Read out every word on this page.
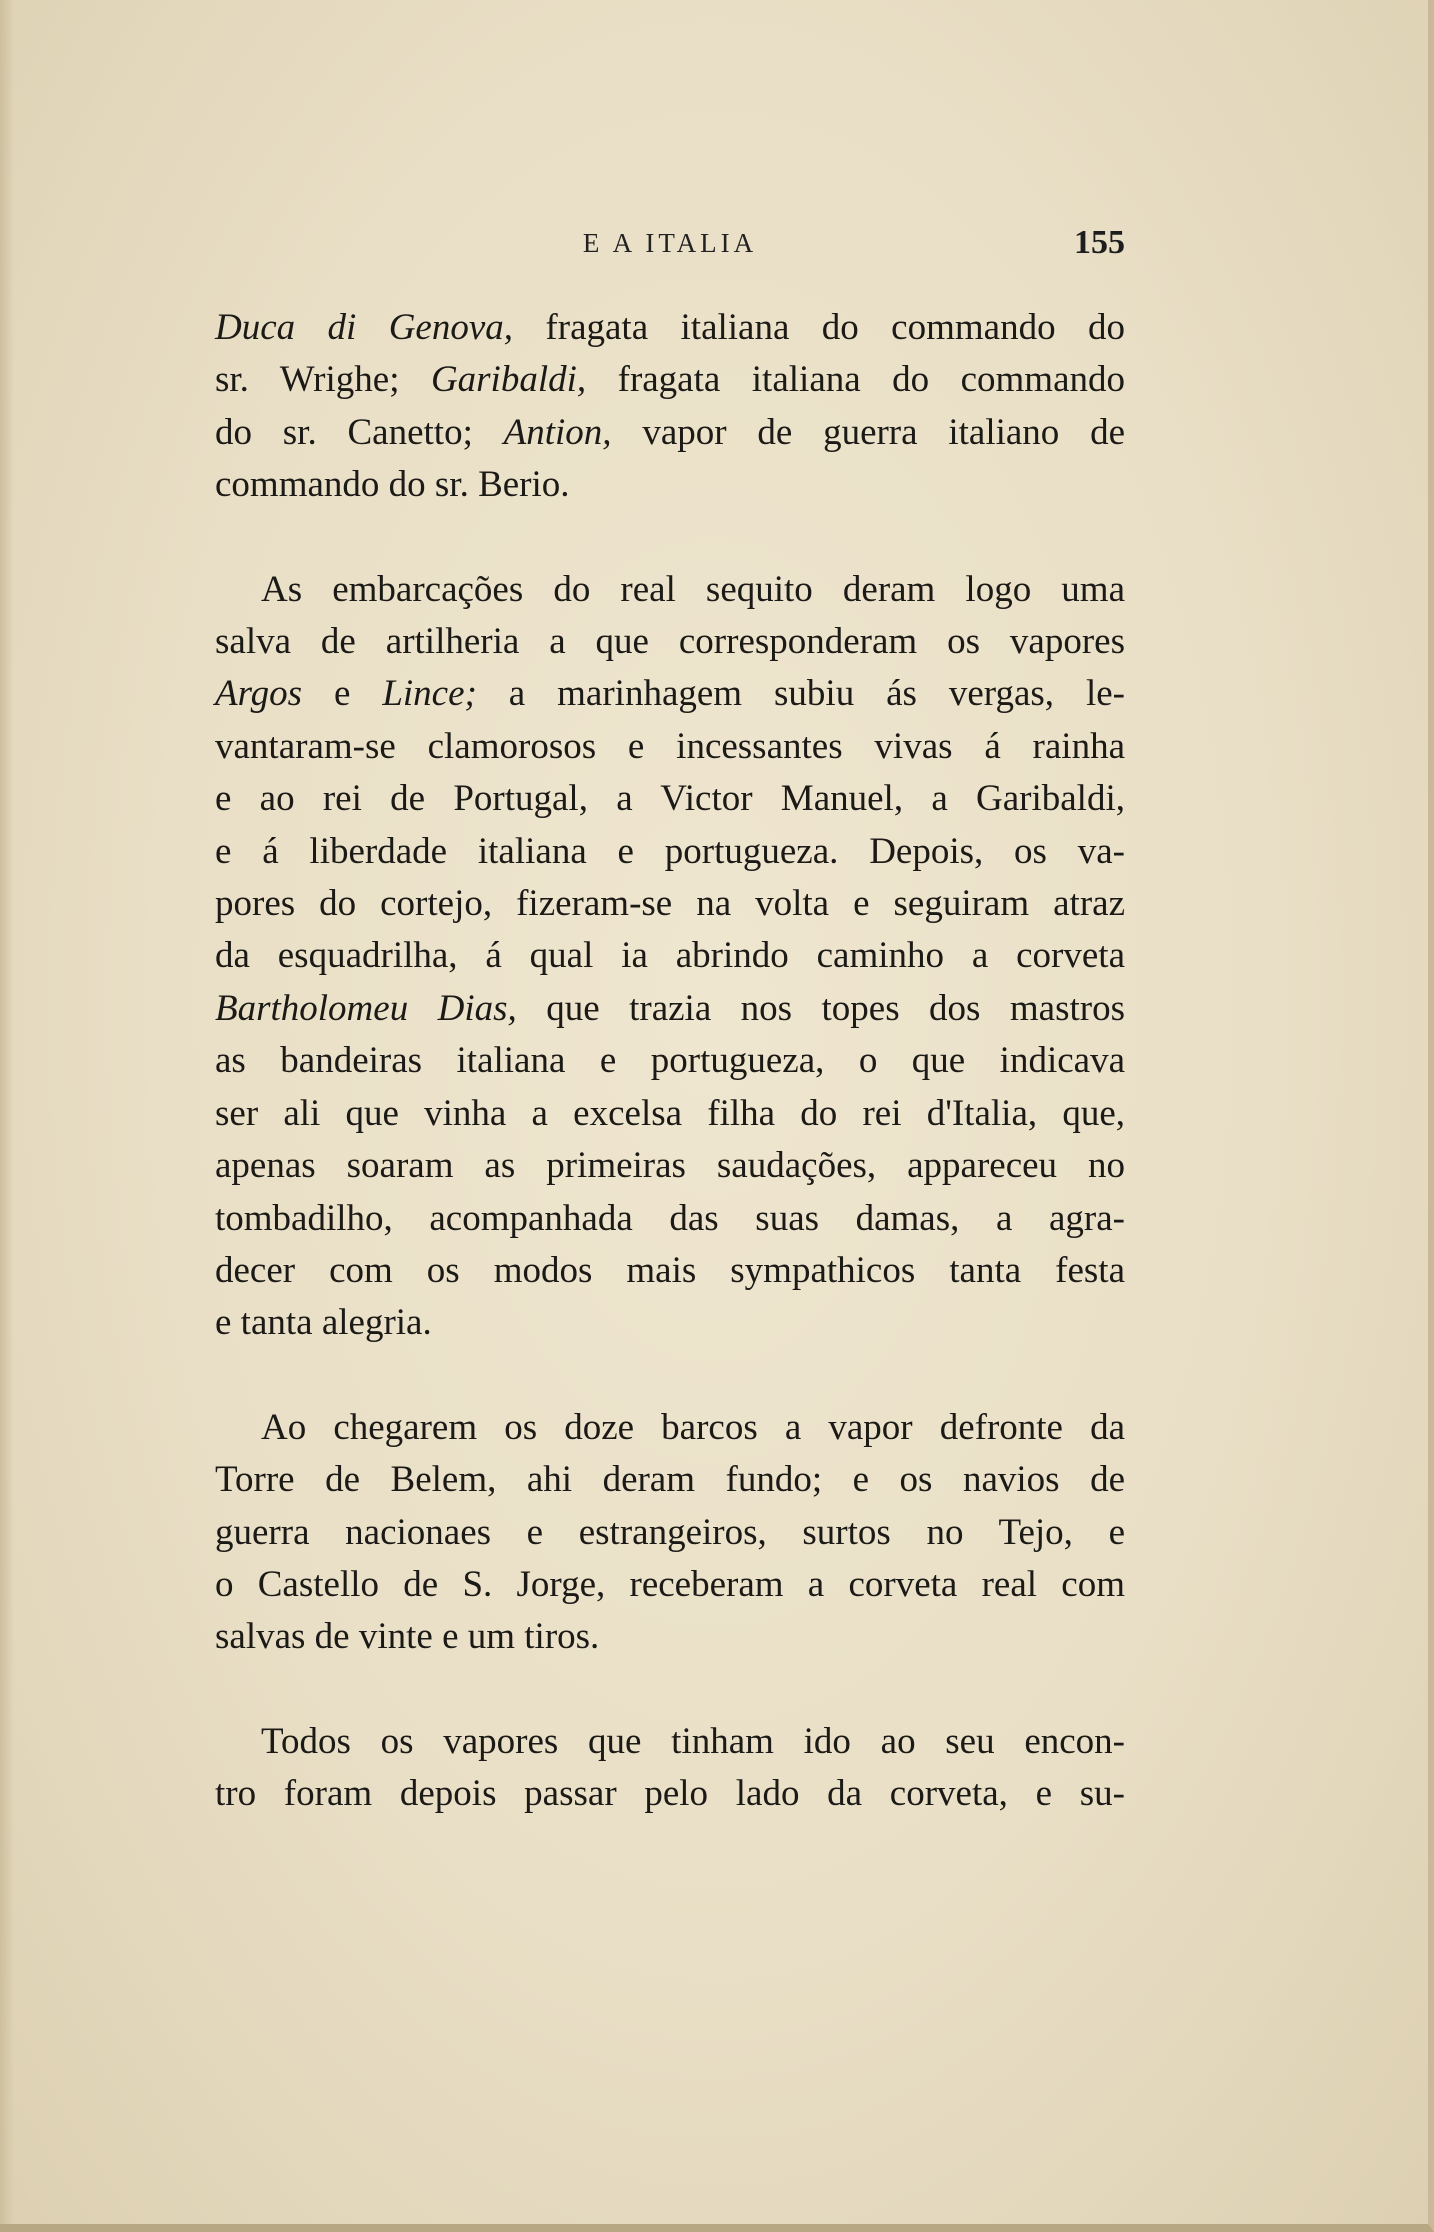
E A ITALIA	155
Duca di Genova, fragata italiana do commando do
sr. Wrighe; Garibaldi, fragata italiana do commando
do sr. Canetto; Antion, vapor de guerra italiano de
commando do sr. Berio.
As embarcações do real sequito deram logo uma
salva de artilheria a que corresponderam os vapores
Argos e Lince; a marinhagem subiu ás vergas, le-
vantaram-se clamorosos e incessantes vivas á rainha
e ao rei de Portugal, a Victor Manuel, a Garibaldi,
e á liberdade italiana e portugueza. Depois, os va-
pores do cortejo, fizeram-se na volta e seguiram atraz
da esquadrilha, á qual ia abrindo caminho a corveta
Bartholomeu Dias, que trazia nos topes dos mastros
as bandeiras italiana e portugueza, o que indicava
ser ali que vinha a excelsa filha do rei d'Italia, que,
apenas soaram as primeiras saudações, appareceu no
tombadilho, acompanhada das suas damas, a agra-
decer com os modos mais sympathicos tanta festa
e tanta alegria.
Ao chegarem os doze barcos a vapor defronte da
Torre de Belem, ahi deram fundo; e os navios de
guerra nacionaes e estrangeiros, surtos no Tejo, e
o Castello de S. Jorge, receberam a corveta real com
salvas de vinte e um tiros.
Todos os vapores que tinham ido ao seu encon-
tro foram depois passar pelo lado da corveta, e su-
